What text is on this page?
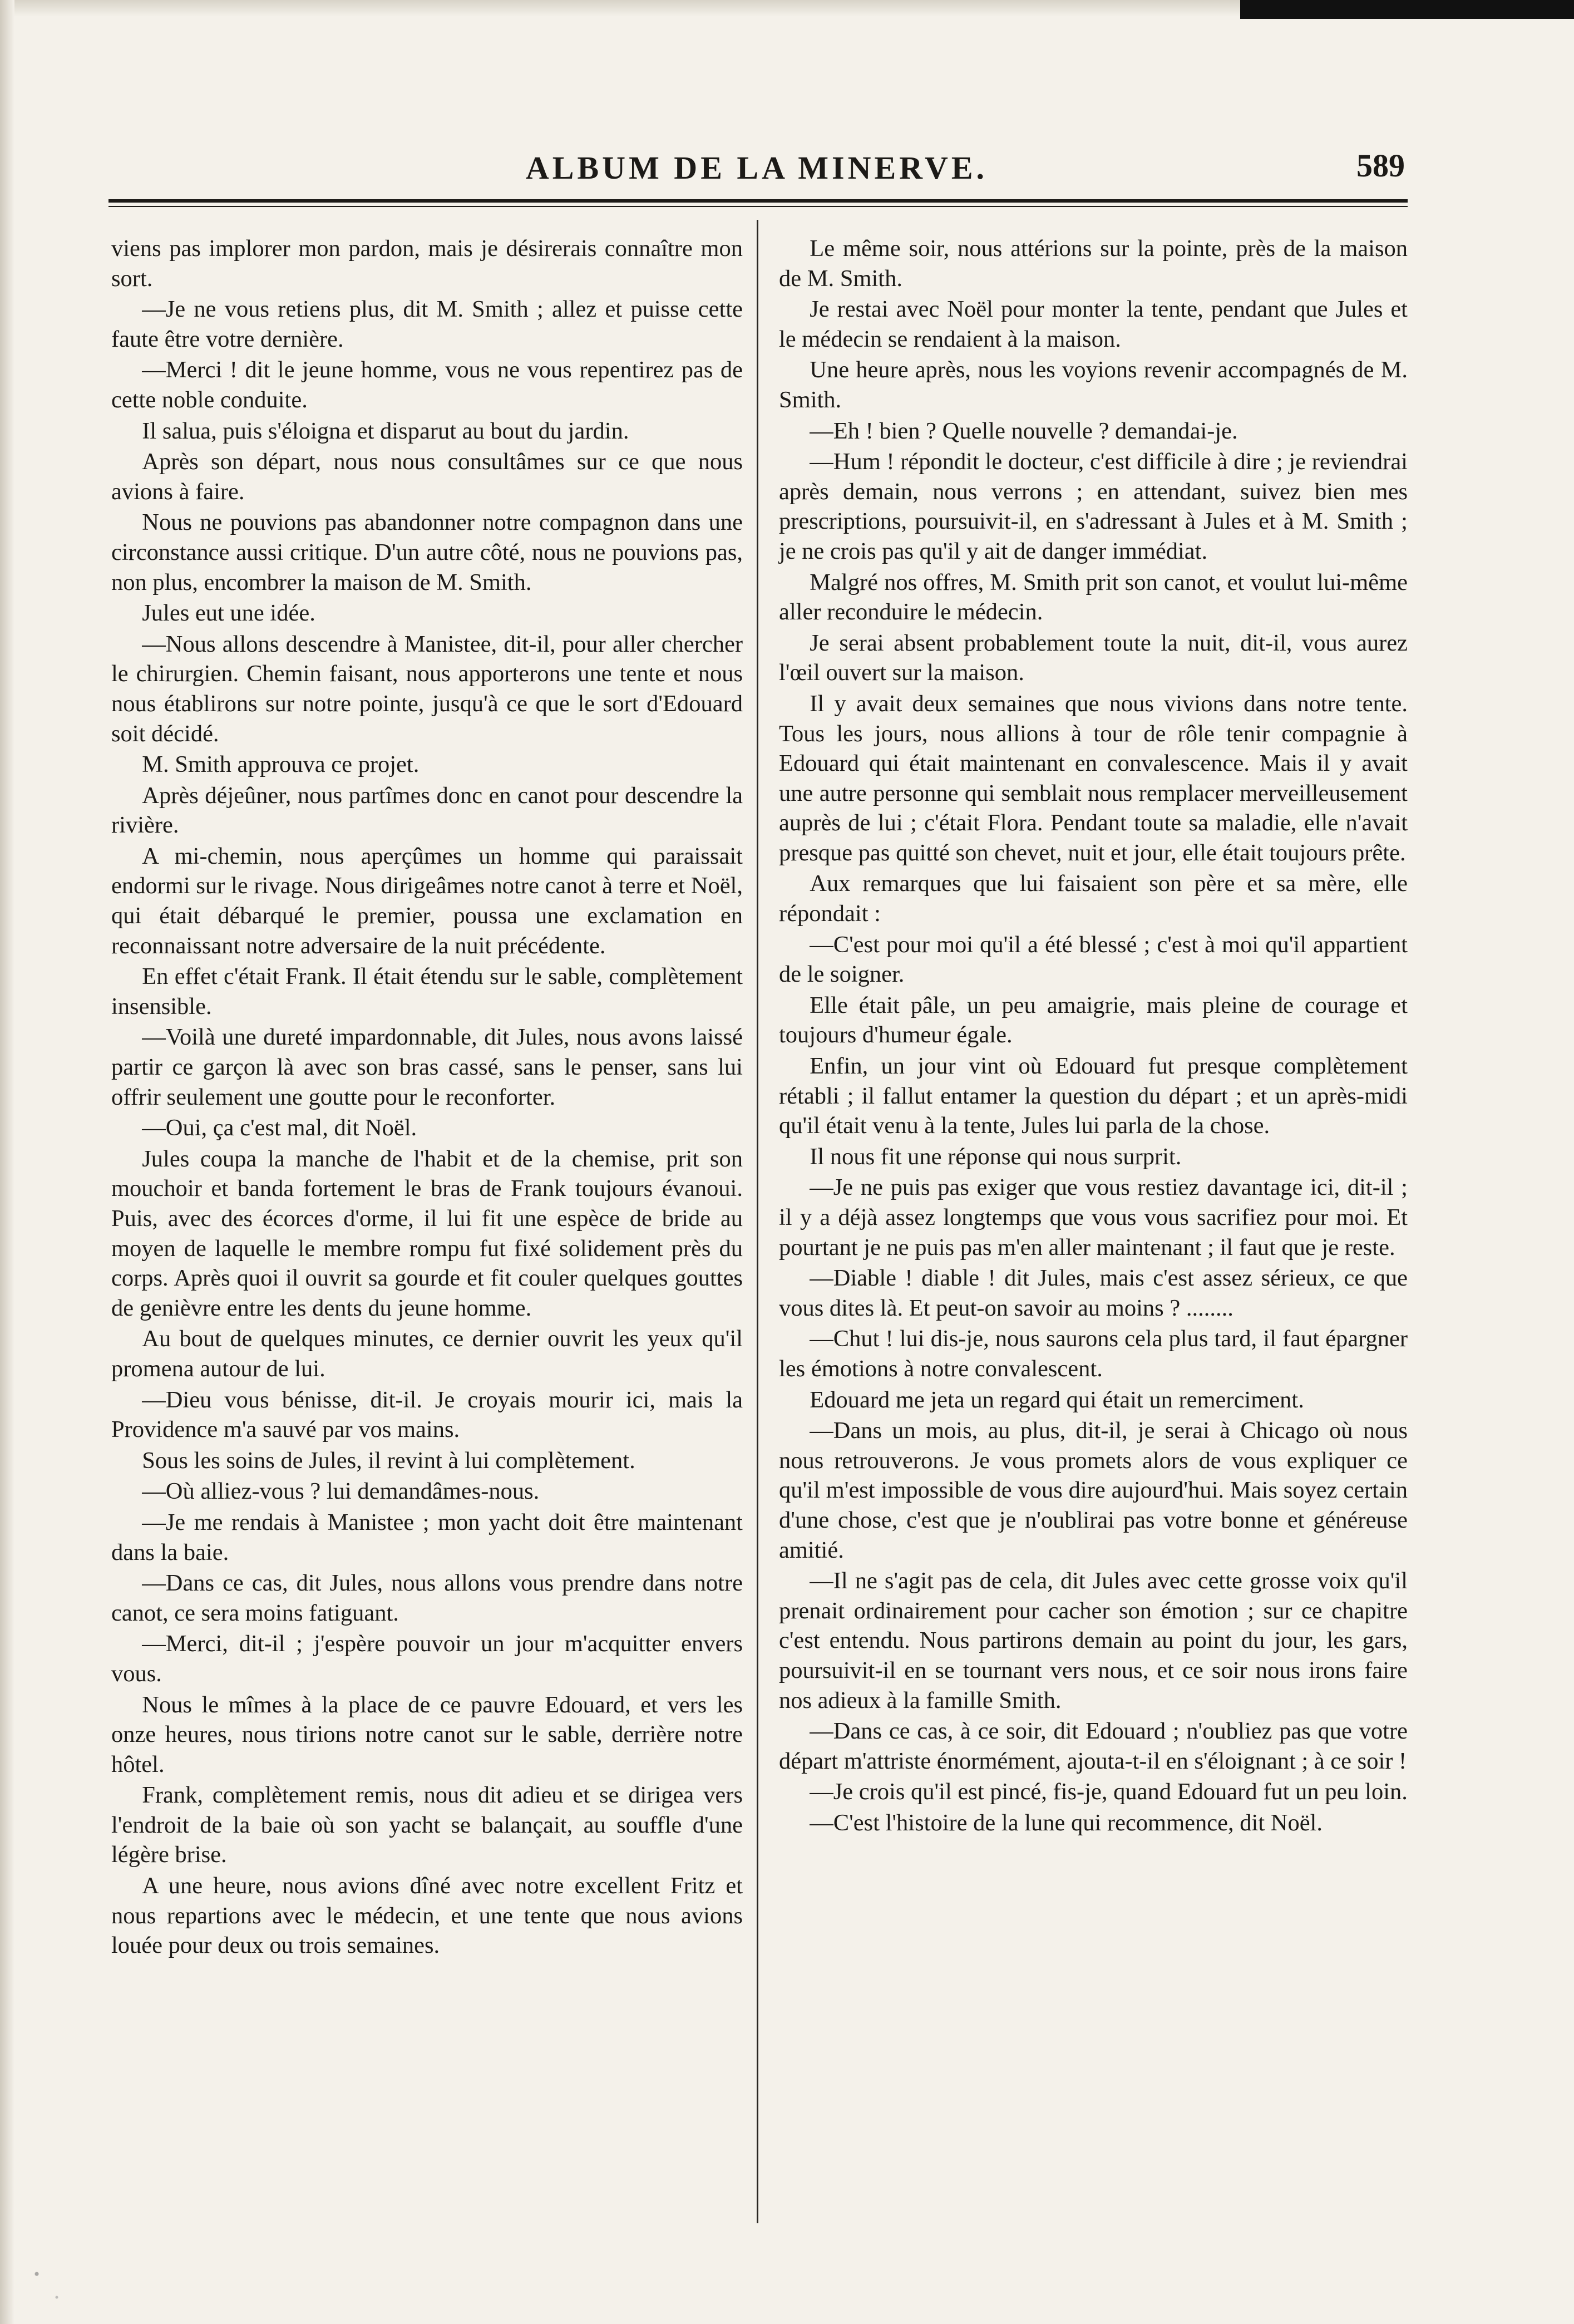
ALBUM DE LA MINERVE.	589

viens pas implorer mon pardon, mais je désirerais connaître mon sort.

—Je ne vous retiens plus, dit M. Smith ; allez et puisse cette faute être votre dernière.

—Merci ! dit le jeune homme, vous ne vous repentirez pas de cette noble conduite.

Il salua, puis s'éloigna et disparut au bout du jardin.

Après son départ, nous nous consultâmes sur ce que nous avions à faire.

Nous ne pouvions pas abandonner notre compagnon dans une circonstance aussi critique. D'un autre côté, nous ne pouvions pas, non plus, encombrer la maison de M. Smith.

Jules eut une idée.

—Nous allons descendre à Manistee, dit-il, pour aller chercher le chirurgien. Chemin faisant, nous apporterons une tente et nous nous établirons sur notre pointe, jusqu'à ce que le sort d'Edouard soit décidé.

M. Smith approuva ce projet.

Après déjeûner, nous partîmes donc en canot pour descendre la rivière.

A mi-chemin, nous aperçûmes un homme qui paraissait endormi sur le rivage. Nous dirigeâmes notre canot à terre et Noël, qui était débarqué le premier, poussa une exclamation en reconnaissant notre adversaire de la nuit précédente.

En effet c'était Frank. Il était étendu sur le sable, complètement insensible.

—Voilà une dureté impardonnable, dit Jules, nous avons laissé partir ce garçon là avec son bras cassé, sans le penser, sans lui offrir seulement une goutte pour le reconforter.

—Oui, ça c'est mal, dit Noël.

Jules coupa la manche de l'habit et de la chemise, prit son mouchoir et banda fortement le bras de Frank toujours évanoui. Puis, avec des écorces d'orme, il lui fit une espèce de bride au moyen de laquelle le membre rompu fut fixé solidement près du corps. Après quoi il ouvrit sa gourde et fit couler quelques gouttes de genièvre entre les dents du jeune homme.

Au bout de quelques minutes, ce dernier ouvrit les yeux qu'il promena autour de lui.

—Dieu vous bénisse, dit-il. Je croyais mourir ici, mais la Providence m'a sauvé par vos mains.

Sous les soins de Jules, il revint à lui complètement.

—Où alliez-vous ? lui demandâmes-nous.

—Je me rendais à Manistee ; mon yacht doit être maintenant dans la baie.

—Dans ce cas, dit Jules, nous allons vous prendre dans notre canot, ce sera moins fatiguant.

—Merci, dit-il ; j'espère pouvoir un jour m'acquitter envers vous.

Nous le mîmes à la place de ce pauvre Edouard, et vers les onze heures, nous tirions notre canot sur le sable, derrière notre hôtel.

Frank, complètement remis, nous dit adieu et se dirigea vers l'endroit de la baie où son yacht se balançait, au souffle d'une légère brise.

A une heure, nous avions dîné avec notre excellent Fritz et nous repartions avec le médecin, et une tente que nous avions louée pour deux ou trois semaines.

Le même soir, nous attérions sur la pointe, près de la maison de M. Smith.

Je restai avec Noël pour monter la tente, pendant que Jules et le médecin se rendaient à la maison.

Une heure après, nous les voyions revenir accompagnés de M. Smith.

—Eh ! bien ? Quelle nouvelle ? demandai-je.

—Hum ! répondit le docteur, c'est difficile à dire ; je reviendrai après demain, nous verrons ; en attendant, suivez bien mes prescriptions, poursuivit-il, en s'adressant à Jules et à M. Smith ; je ne crois pas qu'il y ait de danger immédiat.

Malgré nos offres, M. Smith prit son canot, et voulut lui-même aller reconduire le médecin.

Je serai absent probablement toute la nuit, dit-il, vous aurez l'œil ouvert sur la maison.

Il y avait deux semaines que nous vivions dans notre tente. Tous les jours, nous allions à tour de rôle tenir compagnie à Edouard qui était maintenant en convalescence. Mais il y avait une autre personne qui semblait nous remplacer merveilleusement auprès de lui ; c'était Flora. Pendant toute sa maladie, elle n'avait presque pas quitté son chevet, nuit et jour, elle était toujours prête.

Aux remarques que lui faisaient son père et sa mère, elle répondait :

—C'est pour moi qu'il a été blessé ; c'est à moi qu'il appartient de le soigner.

Elle était pâle, un peu amaigrie, mais pleine de courage et toujours d'humeur égale.

Enfin, un jour vint où Edouard fut presque complètement rétabli ; il fallut entamer la question du départ ; et un après-midi qu'il était venu à la tente, Jules lui parla de la chose.

Il nous fit une réponse qui nous surprit.

—Je ne puis pas exiger que vous restiez davantage ici, dit-il ; il y a déjà assez longtemps que vous vous sacrifiez pour moi. Et pourtant je ne puis pas m'en aller maintenant ; il faut que je reste.

—Diable ! diable ! dit Jules, mais c'est assez sérieux, ce que vous dites là. Et peut-on savoir au moins ? ........

—Chut ! lui dis-je, nous saurons cela plus tard, il faut épargner les émotions à notre convalescent.

Edouard me jeta un regard qui était un remerciment.

—Dans un mois, au plus, dit-il, je serai à Chicago où nous nous retrouverons. Je vous promets alors de vous expliquer ce qu'il m'est impossible de vous dire aujourd'hui. Mais soyez certain d'une chose, c'est que je n'oublirai pas votre bonne et généreuse amitié.

—Il ne s'agit pas de cela, dit Jules avec cette grosse voix qu'il prenait ordinairement pour cacher son émotion ; sur ce chapitre c'est entendu. Nous partirons demain au point du jour, les gars, poursuivit-il en se tournant vers nous, et ce soir nous irons faire nos adieux à la famille Smith.

—Dans ce cas, à ce soir, dit Edouard ; n'oubliez pas que votre départ m'attriste énormément, ajouta-t-il en s'éloignant ; à ce soir !

—Je crois qu'il est pincé, fis-je, quand Edouard fut un peu loin.

—C'est l'histoire de la lune qui recommence, dit Noël.
